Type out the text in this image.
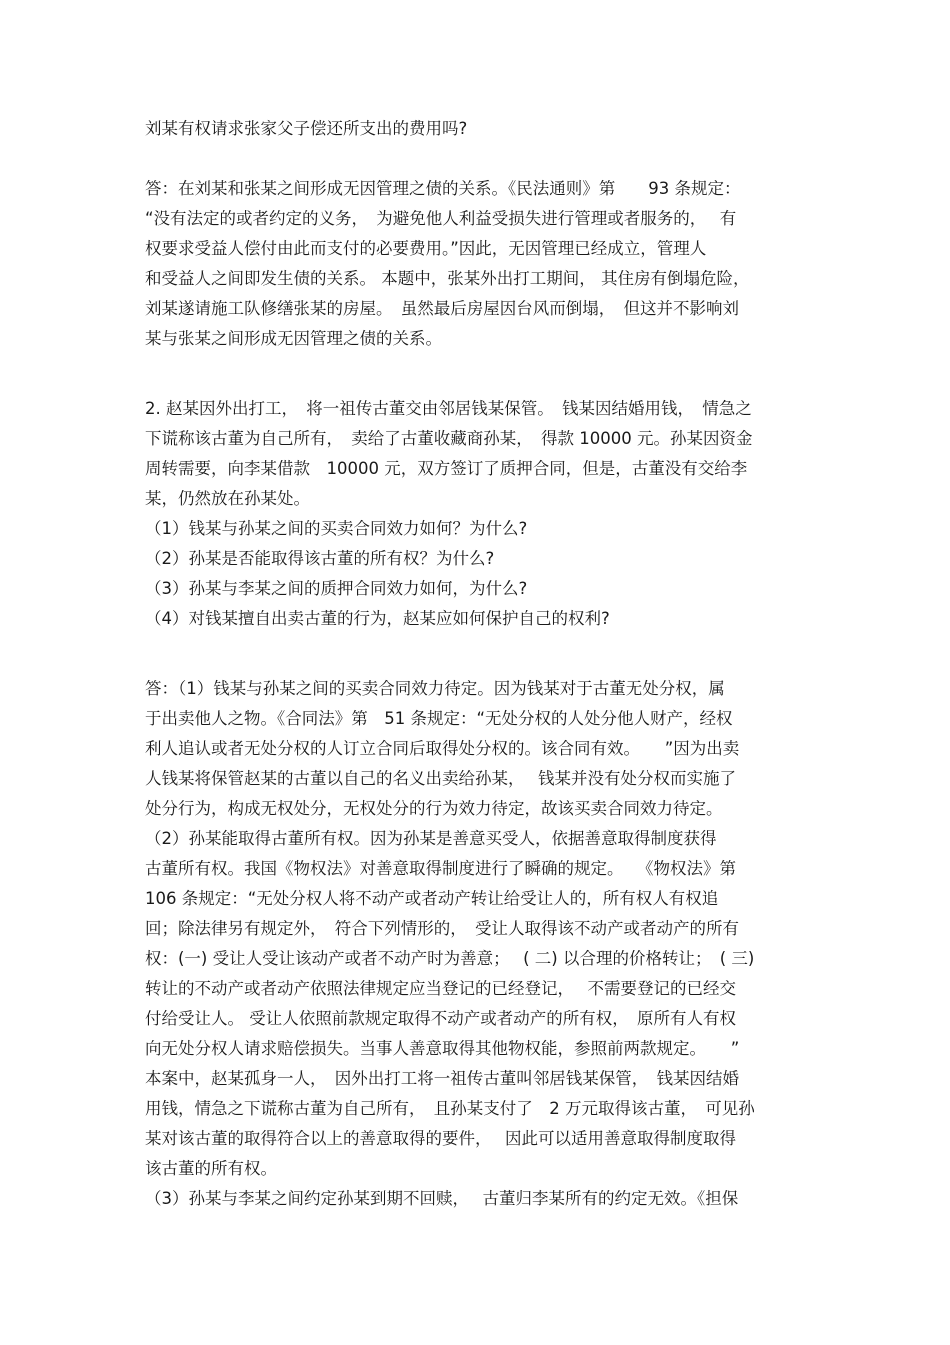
刘某有权请求张家父子偿还所支出的费用吗?
答：在刘某和张某之间形成无因管理之债的关系。《民法通则》第　　93 条规定：
“没有法定的或者约定的义务，　为避免他人利益受损失进行管理或者服务的，　 有
权要求受益人偿付由此而支付的必要费用。”因此，无因管理已经成立，管理人
和受益人之间即发生债的关系。 本题中，张某外出打工期间， 其住房有倒塌危险，
刘某遂请施工队修缮张某的房屋。　虽然最后房屋因台风而倒塌，　但这并不影响刘
某与张某之间形成无因管理之债的关系。
2. 赵某因外出打工，　将一祖传古董交由邻居钱某保管。　钱某因结婚用钱，　情急之
下谎称该古董为自己所有，　卖给了古董收藏商孙某，　得款 10000 元。孙某因资金
周转需要，向李某借款　10000 元，双方签订了质押合同，但是，古董没有交给李
某，仍然放在孙某处。
（1）钱某与孙某之间的买卖合同效力如何？为什么?
（2）孙某是否能取得该古董的所有权？为什么?
（3）孙某与李某之间的质押合同效力如何，为什么?
（4）对钱某擅自出卖古董的行为，赵某应如何保护自己的权利?
答：（1）钱某与孙某之间的买卖合同效力待定。因为钱某对于古董无处分权，属
于出卖他人之物。《合同法》第　51 条规定：“无处分权的人处分他人财产，经权
利人追认或者无处分权的人订立合同后取得处分权的。该合同有效。　　”因为出卖
人钱某将保管赵某的古董以自己的名义出卖给孙某，　 钱某并没有处分权而实施了
处分行为，构成无权处分，无权处分的行为效力待定，故该买卖合同效力待定。
（2）孙某能取得古董所有权。因为孙某是善意买受人，依据善意取得制度获得
古董所有权。我国《物权法》对善意取得制度进行了瞬确的规定。　 《物权法》第
106 条规定：“无处分权人将不动产或者动产转让给受让人的，所有权人有权追
回；除法律另有规定外，　符合下列情形的，　受让人取得该不动产或者动产的所有
权：(一) 受让人受让该动产或者不动产时为善意；　 ( 二) 以合理的价格转让；　( 三)
转让的不动产或者动产依照法律规定应当登记的已经登记，　 不需要登记的已经交
付给受让人。 受让人依照前款规定取得不动产或者动产的所有权，　原所有人有权
向无处分权人请求赔偿损失。当事人善意取得其他物权能，参照前两款规定。　　”
本案中，赵某孤身一人，　因外出打工将一祖传古董叫邻居钱某保管，　钱某因结婚
用钱，情急之下谎称古董为自己所有，　且孙某支付了　2 万元取得该古董，　可见孙
某对该古董的取得符合以上的善意取得的要件，　 因此可以适用善意取得制度取得
该古董的所有权。
（3）孙某与李某之间约定孙某到期不回赎，　 古董归李某所有的约定无效。《担保
